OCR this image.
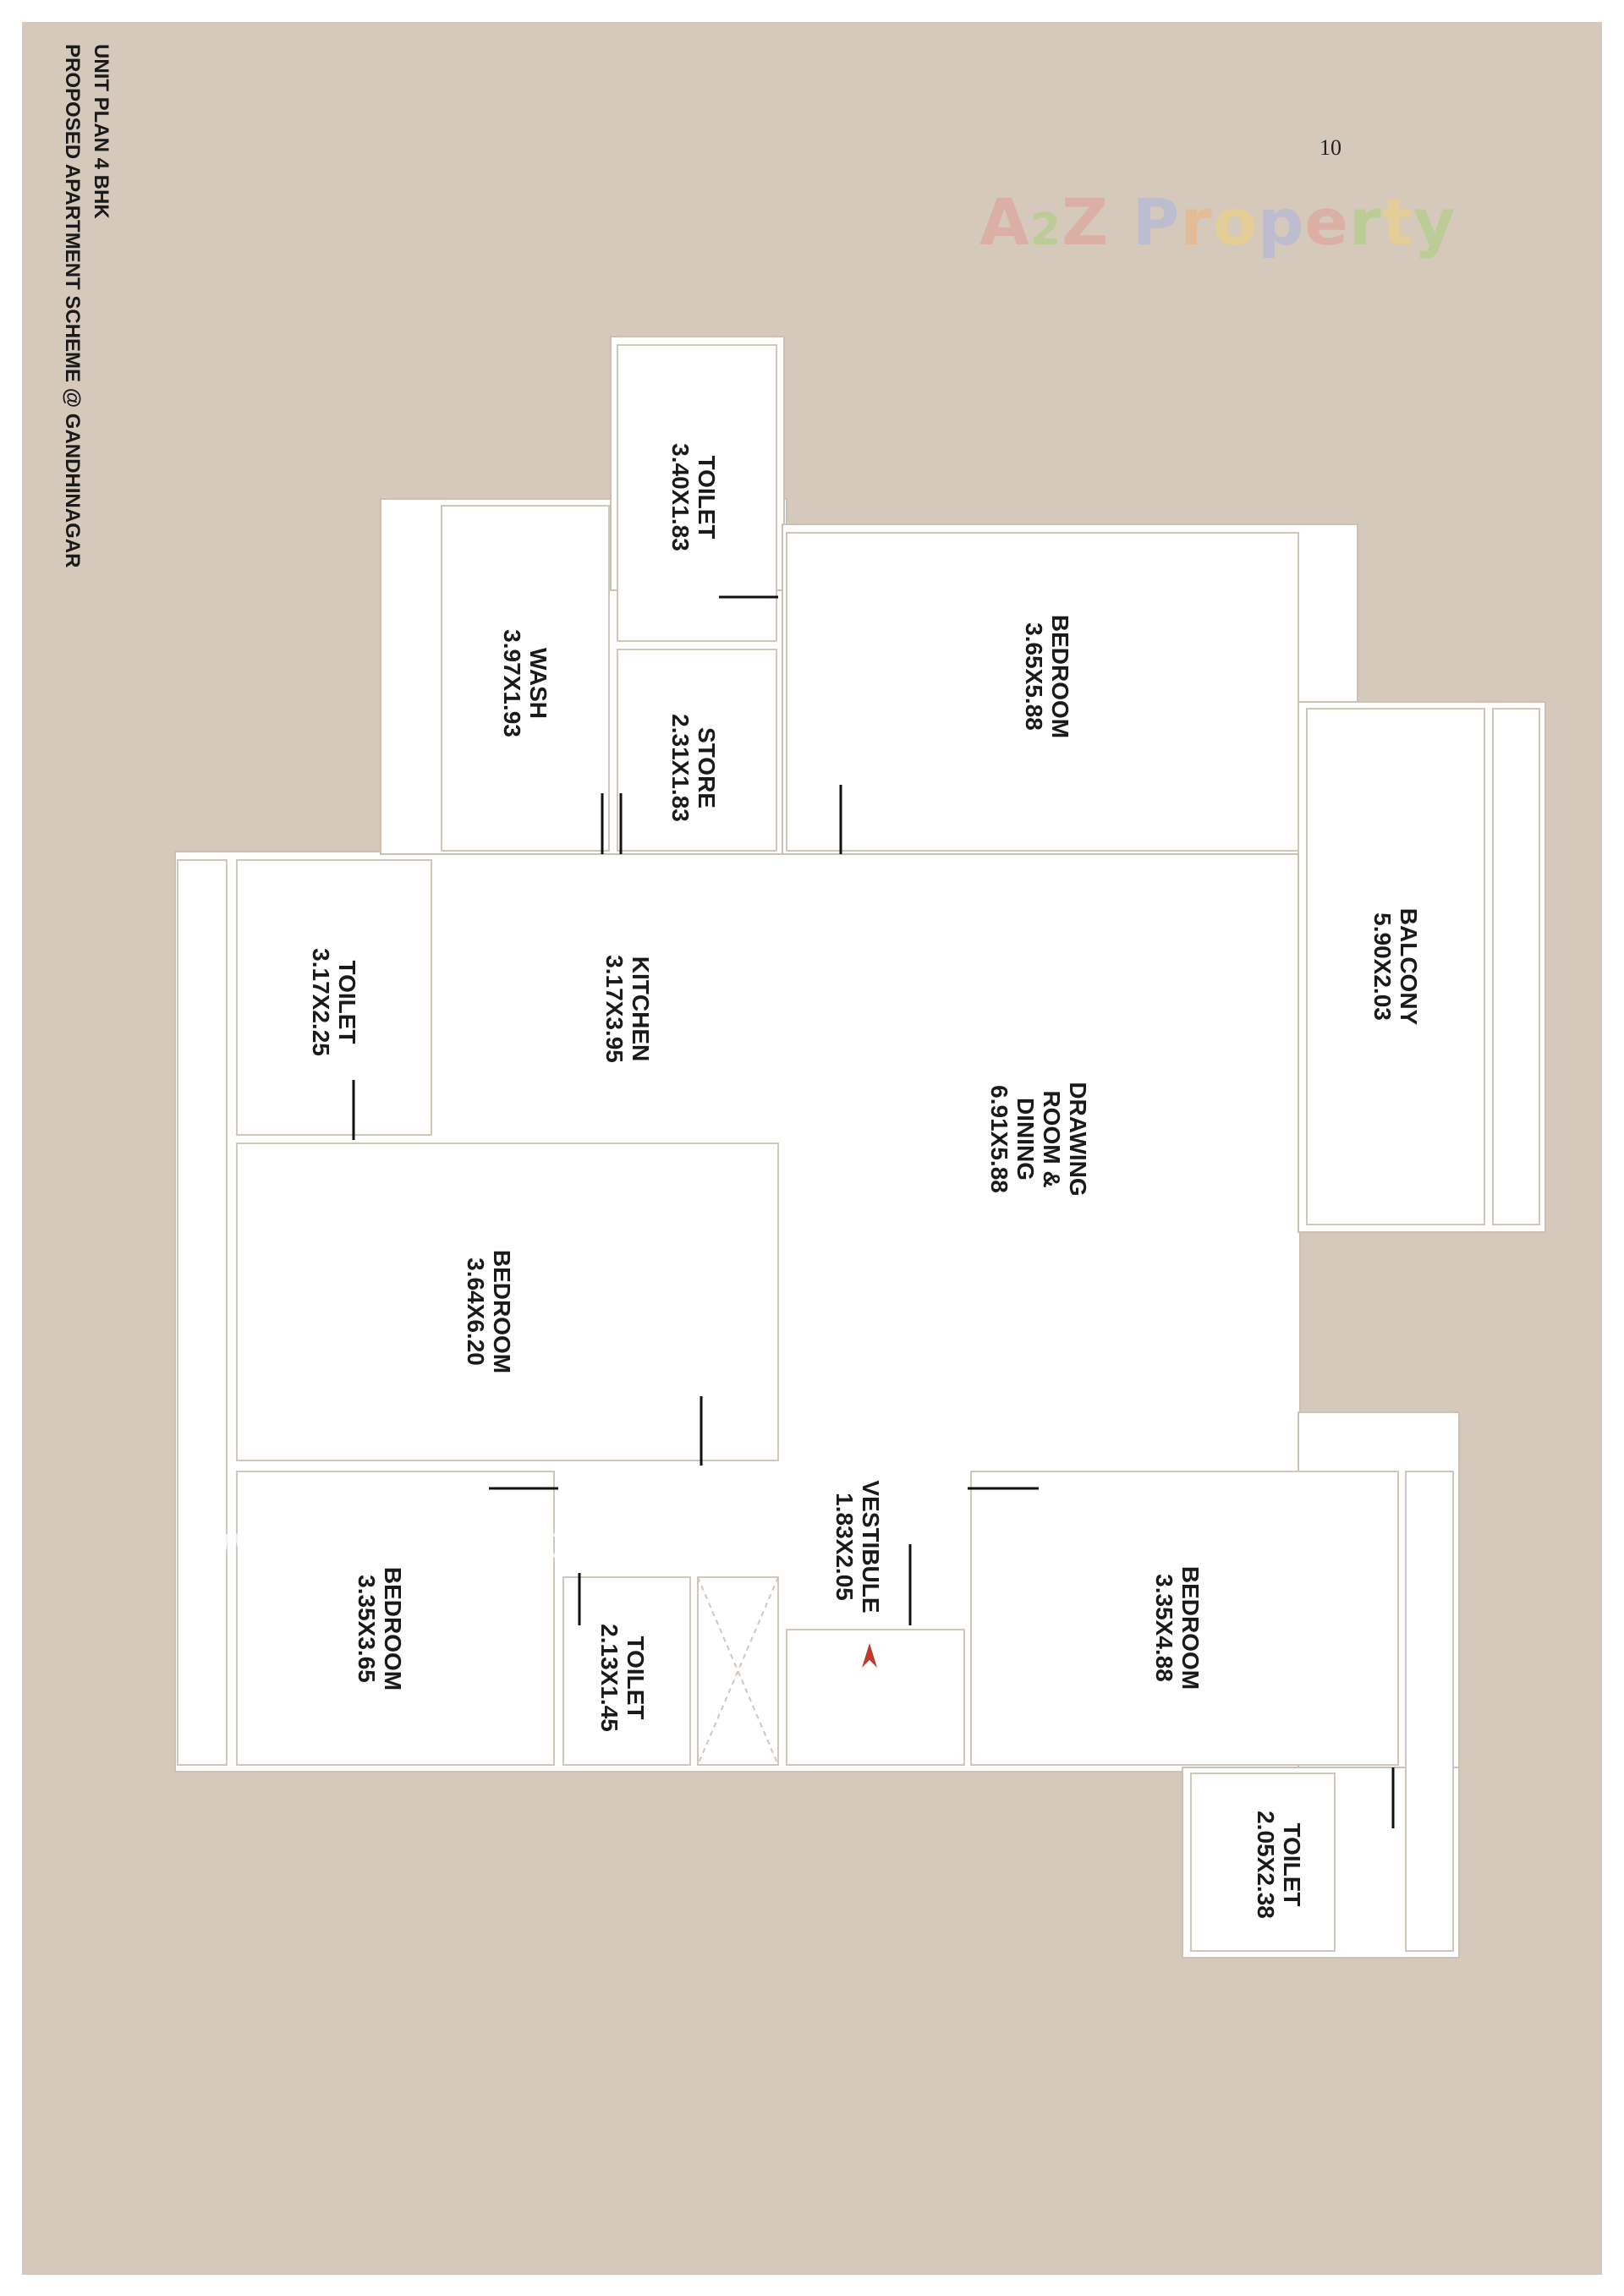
10
UNIT PLAN 4 BHK
PROPOSED APARTMENT SCHEME @ GANDHINAGAR	A2Z Property
www.A2ZProperty.in
TOILET
3.40X1.83
WASH
3.97X1.93
STORE
2.31X1.83
BEDROOM
3.65X5.88
BALCONY
5.90X2.03
TOILET
3.17X2.25	KITCHEN
3.17X3.95
DRAWING
ROOM &
DINING
6.91X5.88
BEDROOM
3.64X6.20
VESTIBULE
1.83X2.05
BEDROOM
3.35X3.65	TOILET
2.13X1.45	BEDROOM
3.35X4.88
TOILET
2.05X2.38
